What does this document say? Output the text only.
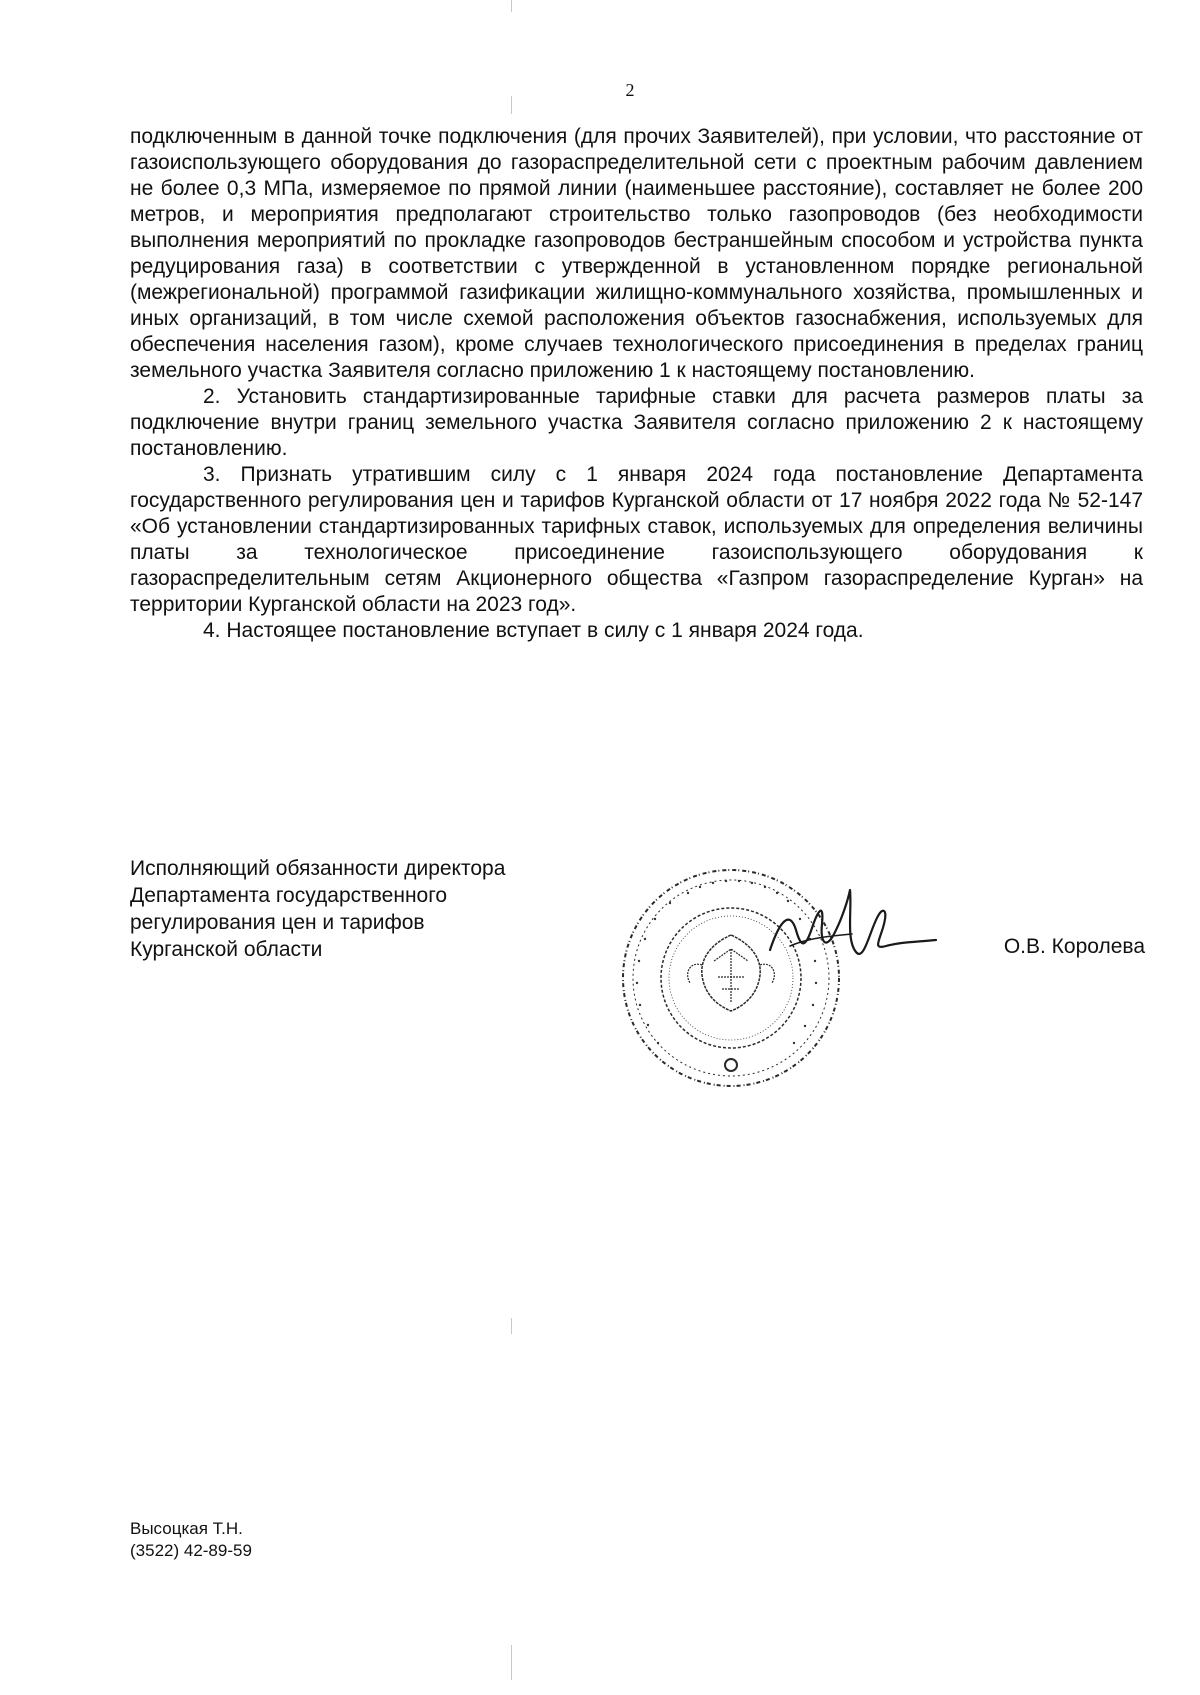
2

подключенным в данной точке подключения (для прочих Заявителей), при условии, что расстояние от газоиспользующего оборудования до газораспределительной сети с проектным рабочим давлением не более 0,3 МПа, измеряемое по прямой линии (наименьшее расстояние), составляет не более 200 метров, и мероприятия предполагают строительство только газопроводов (без необходимости выполнения мероприятий по прокладке газопроводов бестраншейным способом и устройства пункта редуцирования газа) в соответствии с утвержденной в установленном порядке региональной (межрегиональной) программой газификации жилищно-коммунального хозяйства, промышленных и иных организаций, в том числе схемой расположения объектов газоснабжения, используемых для обеспечения населения газом), кроме случаев технологического присоединения в пределах границ земельного участка Заявителя согласно приложению 1 к настоящему постановлению.

2. Установить стандартизированные тарифные ставки для расчета размеров платы за подключение внутри границ земельного участка Заявителя согласно приложению 2 к настоящему постановлению.

3. Признать утратившим силу с 1 января 2024 года постановление Департамента государственного регулирования цен и тарифов Курганской области от 17 ноября 2022 года № 52-147 «Об установлении стандартизированных тарифных ставок, используемых для определения величины платы за технологическое присоединение газоиспользующего оборудования к газораспределительным сетям Акционерного общества «Газпром газораспределение Курган» на территории Курганской области на 2023 год».

4. Настоящее постановление вступает в силу с 1 января 2024 года.

Исполняющий обязанности директора
Департамента государственного
регулирования цен и тарифов
Курганской области	О.В. Королева
Высоцкая Т.Н.
(3522) 42-89-59
